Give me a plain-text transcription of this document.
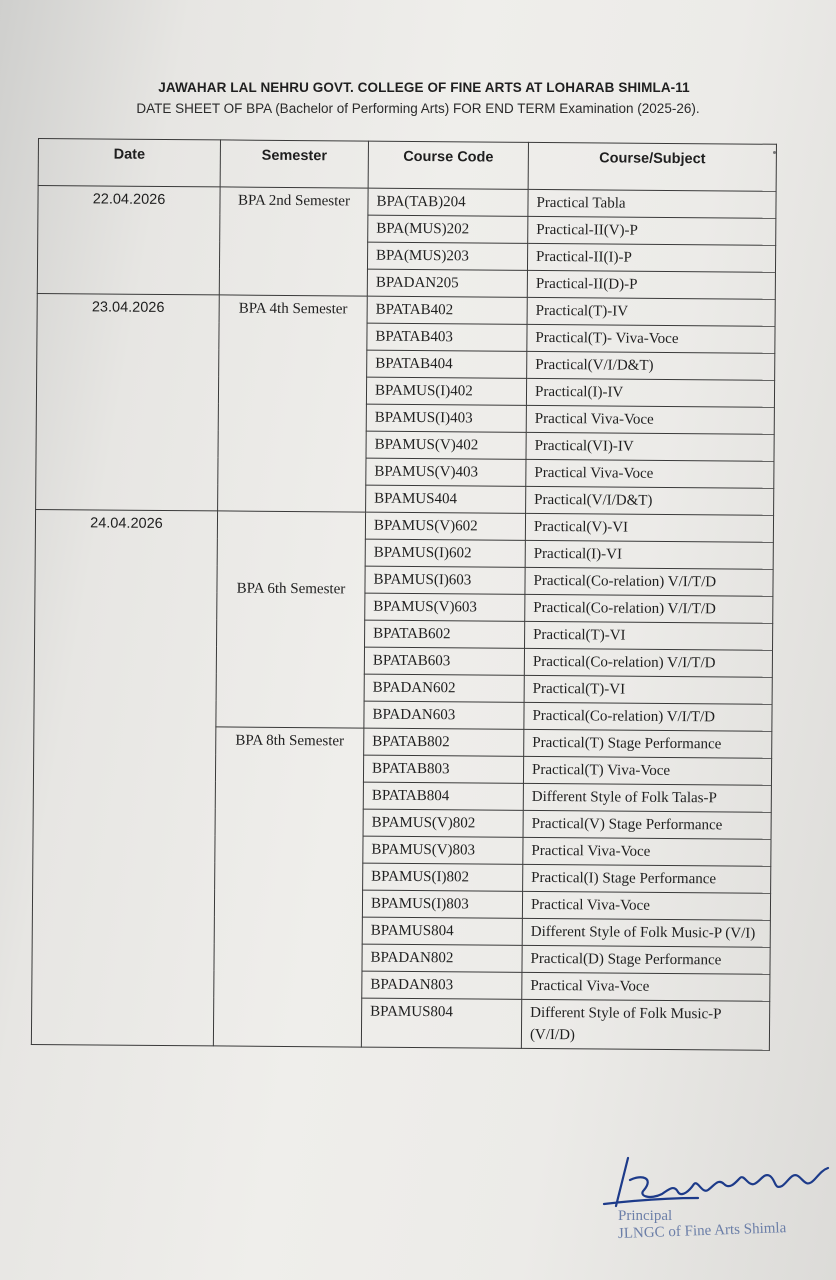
JAWAHAR LAL NEHRU GOVT. COLLEGE OF FINE ARTS AT LOHARAB SHIMLA-11
DATE SHEET OF BPA (Bachelor of Performing Arts) FOR END TERM Examination (2025-26).
Date	Semester	Course Code	Course/Subject
22.04.2026	BPA 2nd Semester	BPA(TAB)204	Practical Tabla
		BPA(MUS)202	Practical-II(V)-P
		BPA(MUS)203	Practical-II(I)-P
		BPADAN205	Practical-II(D)-P
23.04.2026	BPA 4th Semester	BPATAB402	Practical(T)-IV
		BPATAB403	Practical(T)- Viva-Voce
		BPATAB404	Practical(V/I/D&T)
		BPAMUS(I)402	Practical(I)-IV
		BPAMUS(I)403	Practical Viva-Voce
		BPAMUS(V)402	Practical(VI)-IV
		BPAMUS(V)403	Practical Viva-Voce
		BPAMUS404	Practical(V/I/D&T)
24.04.2026	BPA 6th Semester	BPAMUS(V)602	Practical(V)-VI
		BPAMUS(I)602	Practical(I)-VI
		BPAMUS(I)603	Practical(Co-relation) V/I/T/D
		BPAMUS(V)603	Practical(Co-relation) V/I/T/D
		BPATAB602	Practical(T)-VI
		BPATAB603	Practical(Co-relation) V/I/T/D
		BPADAN602	Practical(T)-VI
		BPADAN603	Practical(Co-relation) V/I/T/D
	BPA 8th Semester	BPATAB802	Practical(T) Stage Performance
		BPATAB803	Practical(T) Viva-Voce
		BPATAB804	Different Style of Folk Talas-P
		BPAMUS(V)802	Practical(V) Stage Performance
		BPAMUS(V)803	Practical Viva-Voce
		BPAMUS(I)802	Practical(I) Stage Performance
		BPAMUS(I)803	Practical Viva-Voce
		BPAMUS804	Different Style of Folk Music-P (V/I)
		BPADAN802	Practical(D) Stage Performance
		BPADAN803	Practical Viva-Voce
		BPAMUS804	Different Style of Folk Music-P (V/I/D)
Principal
JLNGC of Fine Arts Shimla
